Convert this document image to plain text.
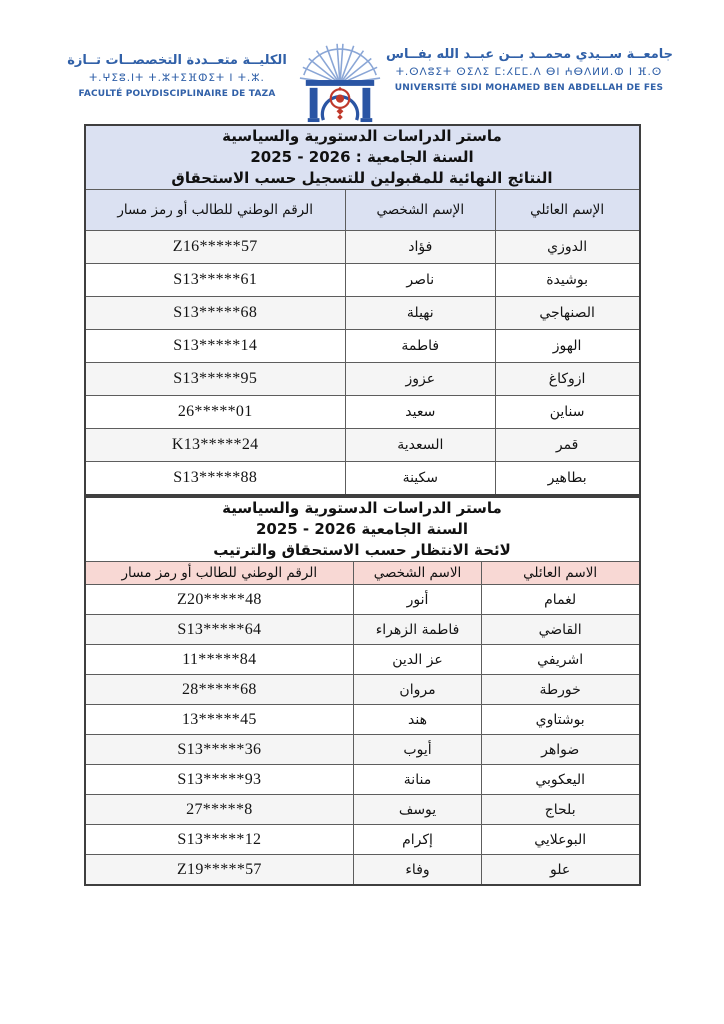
الكليــة متعــددة التخصصــات تــازة
ⵜ.ⵖⵉⵓ.ⵏⵜ ⵜ.ⵣⵜⵉⴼⵀⵉⵜ ⵏ ⵜ.ⵣ.
FACULTÉ POLYDISCIPLINAIRE DE TAZA
جامعــة ســيدي محمــد بــن عبــد الله بفــاس
ⵜ.ⵙⴷⵓⵉⵜ ⵙⵉⴷⵉ ⵎ:ⵃⵎⵎ.ⴷ ⴱⵏ ⵄⴱⴷⵍⵍ.ⵀ ⵏ ⴼ.ⵙ
UNIVERSITÉ SIDI MOHAMED BEN ABDELLAH DE FES
ماستر الدراسات الدستورية والسياسية
السنة الجامعية : 2025 - 2026
النتائج النهائية للمقبولين للتسجيل حسب الاستحقاق		

الإسم العائلي	الإسم الشخصي	الرقم الوطني للطالب أو رمز مسار
الدوزي	فؤاد	Z16*****57
بوشيدة	ناصر	S13*****61
الصنهاجي	نهيلة	S13*****68
الهوز	فاطمة	S13*****14
ازوكاغ	عزوز	S13*****95
سناين	سعيد	26*****01
قمر	السعدية	K13*****24
بطاهير	سكينة	S13*****88
ماستر الدراسات الدستورية والسياسية
السنة الجامعية 2025 - 2026
لائحة الانتظار حسب الاستحقاق والترتيب		

الاسم العائلي	الاسم الشخصي	الرقم الوطني للطالب أو رمز مسار
لغمام	أنور	Z20*****48
القاضي	فاطمة الزهراء	S13*****64
اشريفي	عز الدين	11*****84
خورطة	مروان	28*****68
بوشتاوي	هند	13*****45
ضواهر	أيوب	S13*****36
اليعكوبي	منانة	S13*****93
بلحاج	يوسف	27*****8
البوعلايي	إكرام	S13*****12
علو	وفاء	Z19*****57
